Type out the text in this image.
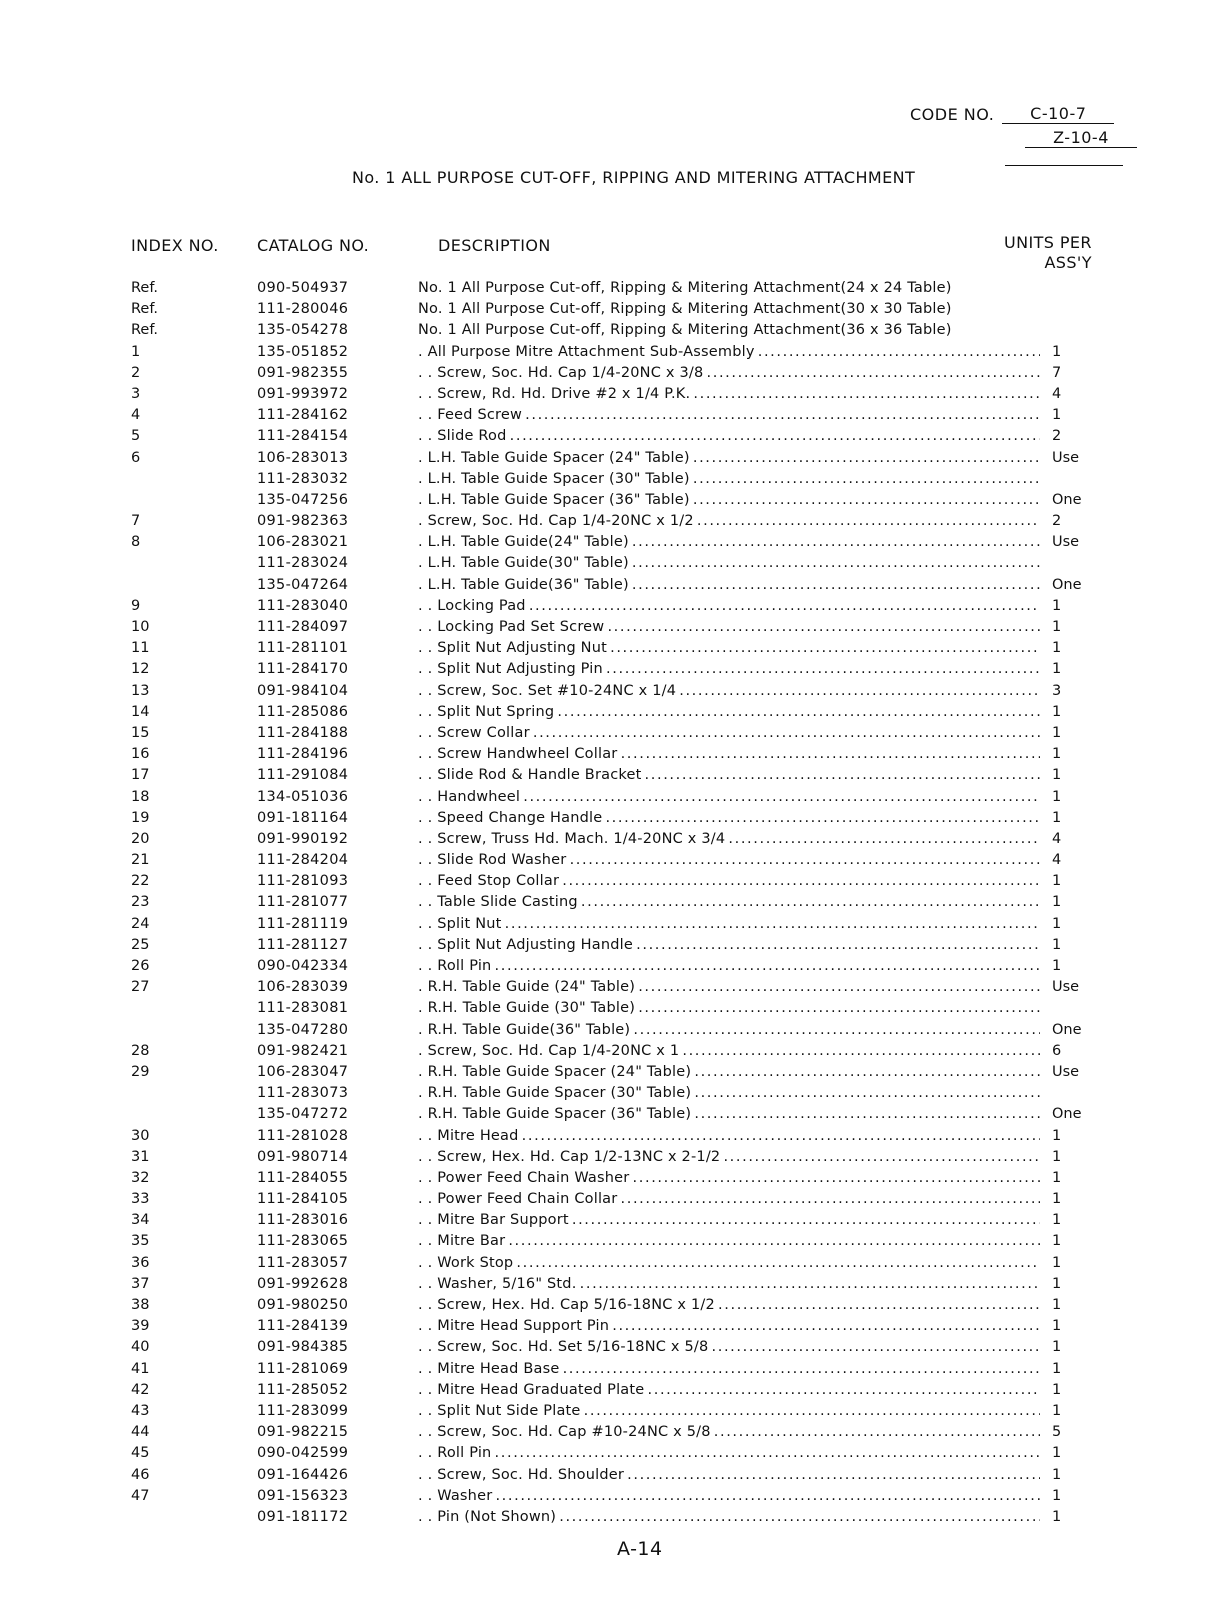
CODE NO.	C-10-7
Z-10-4
No. 1 ALL PURPOSE CUT-OFF, RIPPING AND MITERING ATTACHMENT
INDEX NO. CATALOG NO.	DESCRIPTION	UNITS PER
ASS'Y
Ref.	090-504937	No. 1 All Purpose Cut-off, Ripping & Mitering Attachment(24 x 24 Table)
Ref.	111-280046	No. 1 All Purpose Cut-off, Ripping & Mitering Attachment(30 x 30 Table)
Ref.	135-054278	No. 1 All Purpose Cut-off, Ripping & Mitering Attachment(36 x 36 Table)
1	135-051852	. All Purpose Mitre Attachment Sub-Assembly . . .	1
2	091-982355	. . Screw, Soc. Hd. Cap 1/4-20NC x 3/8 . . .	7
3	091-993972	. . Screw, Rd. Hd. Drive #2 x 1/4 P.K. . . .	4
4	111-284162	. . Feed Screw . . .	1
5	111-284154	. . Slide Rod . . .	2
6	106-283013	. L.H. Table Guide Spacer (24" Table) . . .	Use
111-283032	. L.H. Table Guide Spacer (30" Table) . . .
135-047256	. L.H. Table Guide Spacer (36" Table) . . .	One
7	091-982363	. Screw, Soc. Hd. Cap 1/4-20NC x 1/2 . . .	2
8	106-283021	. L.H. Table Guide(24" Table) . . .	Use
111-283024	. L.H. Table Guide(30" Table) . . .
135-047264	. L.H. Table Guide(36" Table) . . .	One
9	111-283040	. . Locking Pad . . .	1
10	111-284097	. . Locking Pad Set Screw . . .	1
11	111-281101	. . Split Nut Adjusting Nut . . .	1
12	111-284170	. . Split Nut Adjusting Pin . . .	1
13	091-984104	. . Screw, Soc. Set #10-24NC x 1/4 . . .	3
14	111-285086	. . Split Nut Spring . . .	1
15	111-284188	. . Screw Collar . . .	1
16	111-284196	. . Screw Handwheel Collar . . .	1
17	111-291084	. . Slide Rod & Handle Bracket . . .	1
18	134-051036	. . Handwheel . . .	1
19	091-181164	. . Speed Change Handle . . .	1
20	091-990192	. . Screw, Truss Hd. Mach. 1/4-20NC x 3/4 . . .	4
21	111-284204	. . Slide Rod Washer . . .	4
22	111-281093	. . Feed Stop Collar . . .	1
23	111-281077	. . Table Slide Casting . . .	1
24	111-281119	. . Split Nut . . .	1
25	111-281127	. . Split Nut Adjusting Handle . . .	1
26	090-042334	. . Roll Pin . . .	1
27	106-283039	. R.H. Table Guide (24" Table) . . .	Use
111-283081	. R.H. Table Guide (30" Table) . . .
135-047280	. R.H. Table Guide(36" Table) . . .	One
28	091-982421	. Screw, Soc. Hd. Cap 1/4-20NC x 1 . . .	6
29	106-283047	. R.H. Table Guide Spacer (24" Table) . . .	Use
111-283073	. R.H. Table Guide Spacer (30" Table) . . .
135-047272	. R.H. Table Guide Spacer (36" Table) . . .	One
30	111-281028	. . Mitre Head . . .	1
31	091-980714	. . Screw, Hex. Hd. Cap 1/2-13NC x 2-1/2 . . .	1
32	111-284055	. . Power Feed Chain Washer . . .	1
33	111-284105	. . Power Feed Chain Collar . . .	1
34	111-283016	. . Mitre Bar Support . . .	1
35	111-283065	. . Mitre Bar . . .	1
36	111-283057	. . Work Stop . . .	1
37	091-992628	. . Washer, 5/16" Std. . . .	1
38	091-980250	. . Screw, Hex. Hd. Cap 5/16-18NC x 1/2 . . .	1
39	111-284139	. . Mitre Head Support Pin . . .	1
40	091-984385	. . Screw, Soc. Hd. Set 5/16-18NC x 5/8 . . .	1
41	111-281069	. . Mitre Head Base . . .	1
42	111-285052	. . Mitre Head Graduated Plate . . .	1
43	111-283099	. . Split Nut Side Plate . . .	1
44	091-982215	. . Screw, Soc. Hd. Cap #10-24NC x 5/8 . . .	5
45	090-042599	. . Roll Pin . . .	1
46	091-164426	. . Screw, Soc. Hd. Shoulder . . .	1
47	091-156323	. . Washer . . .	1
091-181172	. . Pin (Not Shown) . . .	1
A-14
